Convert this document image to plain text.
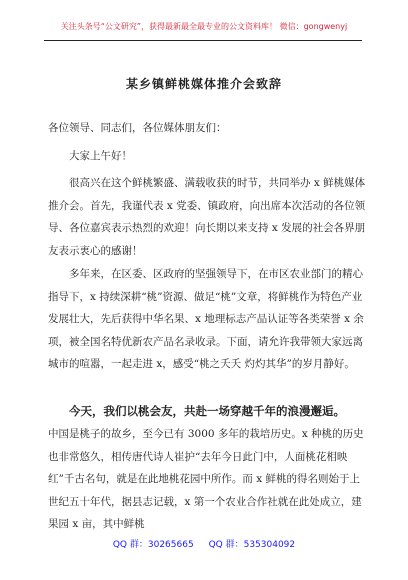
关注头条号“公文研究”，获得最新最全最专业的公文资料库！ 微信：gongwenyj
某乡镇鲜桃媒体推介会致辞

各位领导、同志们，各位媒体朋友们：

大家上午好！

很高兴在这个鲜桃繁盛、满载收获的时节，共同举办 x 鲜桃媒体推介会。首先，我谨代表 x 党委、镇政府，向出席本次活动的各位领导、各位嘉宾表示热烈的欢迎！向长期以来支持 x 发展的社会各界朋友表示衷心的感谢！

多年来，在区委、区政府的坚强领导下，在市区农业部门的精心指导下，x 持续深耕“桃”资源、做足“桃”文章，将鲜桃作为特色产业发展壮大，先后获得中华名果、x 地理标志产品认证等各类荣誉 x 余项，被全国名特优新农产品名录收录。下面，请允许我带领大家远离城市的喧嚣，一起走进 x，感受“桃之夭夭 灼灼其华”的岁月静好。

今天，我们以桃会友，共赴一场穿越千年的浪漫邂逅。

中国是桃子的故乡，至今已有 3000 多年的栽培历史。x 种桃的历史也非常悠久，相传唐代诗人崔护“去年今日此门中，人面桃花相映红”千古名句，就是在此地桃花园中所作。而 x 鲜桃的得名则始于上世纪五十年代，据县志记载，x 第一个农业合作社就在此处成立，建果园 x 亩，其中鲜桃

QQ 群：30265665 QQ 群：535304092
